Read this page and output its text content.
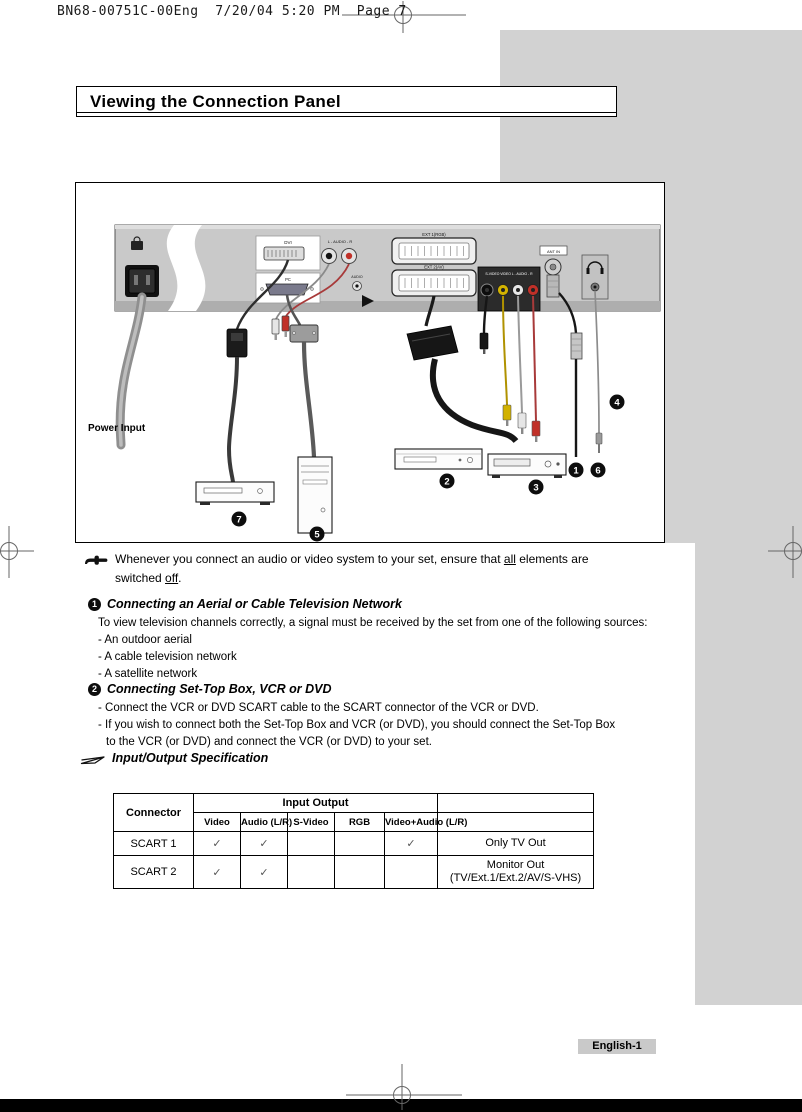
BN68-00751C-00Eng  7/20/04 5:20 PM  Page 7
Viewing the Connection Panel
Power Input
DVI
PC
L - AUDIO - R
AUDIO
EXT 1(RGB)
EXT 2(AV)
S-VIDEO VIDEO L - AUDIO - R
ANT IN
1
2
3
4
5
6
7
Whenever you connect an audio or video system to your set, ensure that all elements are
switched off.
1 Connecting an Aerial or Cable Television Network
To view television channels correctly, a signal must be received by the set from one of the following sources:
- An outdoor aerial
- A cable television network
- A satellite network
2 Connecting Set-Top Box, VCR or DVD
- Connect the VCR or DVD SCART cable to the SCART connector of the VCR or DVD.
- If you wish to connect both the Set-Top Box and VCR (or DVD), you should connect the Set-Top Box
to the VCR (or DVD) and connect the VCR (or DVD) to your set.
Input/Output Specification
Connector	Input Output					
	Video	Audio (L/R)	S-Video	RGB	Video+Audio (L/R)	
SCART 1	✓	✓			✓	Only TV Out

SCART 2	✓	✓				Monitor Out
(TV/Ext.1/Ext.2/AV/S-VHS)
English-1
